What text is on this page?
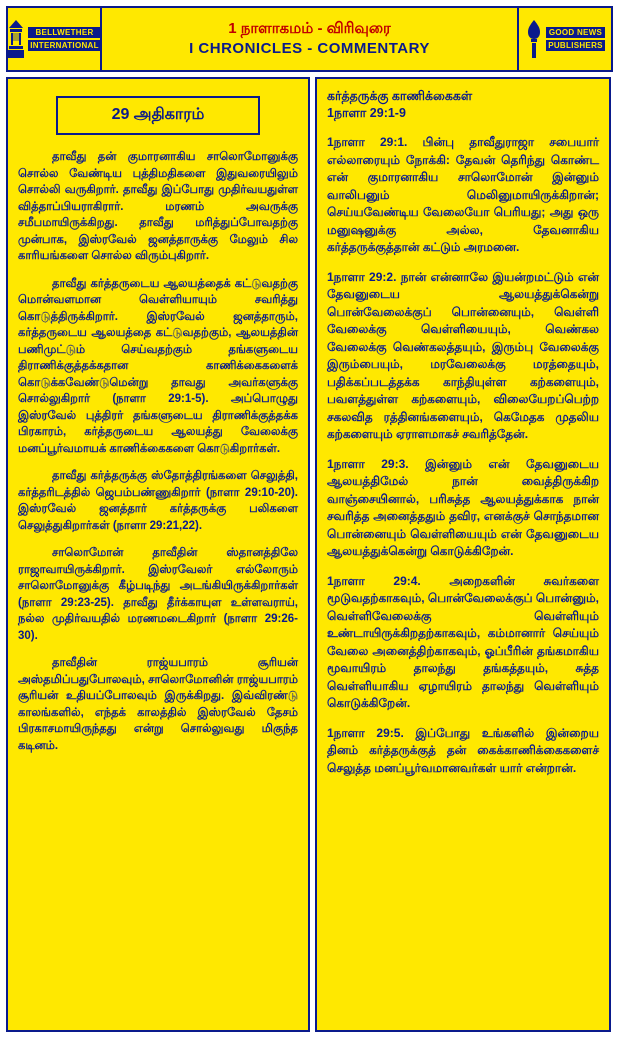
BELLWETHER
INTERNATIONAL
1 நாளாகமம் - விரிவுரை
I CHRONICLES - COMMENTARY
GOOD NEWS
PUBLISHERS
29 அதிகாரம்

தாவீது தன் குமாரனாகிய சாலொமோனுக்கு சொல்ல வேண்டிய புத்திமதிகளை இதுவரையிலும் சொல்லி வருகிறார். தாவீது இப்போது முதிர்வயதுள்ள வித்தாப்பியராகிரார். மரணம் அவருக்கு சமீபமாயிருக்கிறது. தாவீது மரித்துப்போவதற்கு முன்பாக, இஸ்ரவேல் ஜனத்தாருக்கு மேலும் சில காரியங்களை சொல்ல விரும்புகிறார்.

தாவீது கர்த்தருடைய ஆலயத்தைக் கட்டுவதற்கு மொன்வளமான வெள்ளியாயும் சவரித்து கொடுத்திருக்கிறார். இஸ்ரவேல் ஜனத்தாரும், கர்த்தருடைய ஆலயத்தை கட்டுவதற்கும், ஆலயத்தின் பணிமுட்டும் செய்வதற்கும் தங்களுடைய திராணிக்குத்தக்கதான காணிக்கைகளைக் கொடுக்கவேண்டுமென்று தாவது அவர்களுக்கு சொல்லுகிறார் (நாளா 29:1-5). அப்பொழுது இஸ்ரவேல் புத்திரர் தங்களுடைய திராணிக்குத்தக்க பிரகாரம், கர்த்தருடைய ஆலயத்து வேலைக்கு மனப்பூர்வமாயக் காணிக்கைகளை கொடுகிறார்கள்.

தாவீது கர்த்தருக்கு ஸ்தோத்திரங்களை செலுத்தி, கர்த்தரிடத்தில் ஜெபம்பண்ணுகிறார் (நாளா 29:10-20). இஸ்ரவேல் ஜனத்தார் கர்த்தருக்கு பலிகளை செலுத்துகிறார்கள் (நாளா 29:21,22).

சாலொமோன் தாவீதின் ஸ்தானத்திலே ராஜாவாயிருக்கிறார். இஸ்ரவேலர் எல்லோரும் சாலொமோனுக்கு கீழ்படிந்து அடங்கியிருக்கிறார்கள் (நாளா 29:23-25). தாவீது தீர்க்காயுள உள்ளவராய், நல்ல முதிர்வயதில் மரணமடைகிறார் (நாளா 29:26-30).

தாவீதின் ராஜ்யபாரம் சூரியன் அஸ்தமிப்பதுபோலவும், சாலொமோனின் ராஜ்யபாரம் சூரியன் உதியப்போலவும் இருக்கிறது. இவ்விரண்டு காலங்களில், எந்தக் காலத்தில் இஸ்ரவேல் தேசம் பிரகாசமாயிருந்தது என்று சொல்லுவது மிகுந்த கடினம்.

கர்த்தருக்கு காணிக்கைகள்
1நாளா 29:1-9

1நாளா 29:1. பின்பு தாவீதுராஜா சபையார் எல்லாரையும் நோக்கி: தேவன் தெரிந்து கொண்ட என் குமாரனாகிய சாலொமோன் இன்னும் வாலிபனும் மெலினுமாயிருக்கிறான்; செய்யவேண்டிய வேலையோ பெரியது; அது ஒரு மனுஷனுக்கு அல்ல, தேவனாகிய கர்த்தருக்குத்தான் கட்டும் அரமனை.

1நாளா 29:2. நான் என்னாலே இயன்றமட்டும் என் தேவனுடைய ஆலயத்துக்கென்று பொன்வேலைக்குப் பொன்னையும், வெள்ளி வேலைக்கு வெள்ளியையும், வெண்கல வேலைக்கு வெண்கலத்தயும், இரும்பு வேலைக்கு இரும்பையும், மரவேலைக்கு மரத்தையும், பதிக்கப்படத்தக்க காந்தியுள்ள கற்களையும், பவளத்துள்ள கற்களையும், விலையேறப்பெற்ற சகலவித ரத்தினங்களையும், கெமேதக முதலிய கற்களையும் ஏராளமாகச் சவரித்தேன்.

1நாளா 29:3. இன்னும் என் தேவனுடைய ஆலயத்திமேல் நான் வைத்திருக்கிற வாஞ்சையினால், பரிசுத்த ஆலயத்துக்காக நான் சவரித்த அனைத்ததும் தவிர, எனக்குச் சொந்தமான பொன்னையும் வெள்ளியையும் என் தேவனுடைய ஆலயத்துக்கென்று கொடுக்கிறேன்.

1நாளா 29:4. அறைகளின் சுவர்களை மூடுவதற்காகவும், பொன்வேலைக்குப் பொன்னும், வெள்ளிவேலைக்கு வெள்ளியும் உண்டாயிருக்கிறதற்காகவும், கம்மானார் செய்யும் வேலை அனைத்திற்காகவும், ஓப்பீரின் தங்கமாகிய மூவாயிரம் தாலந்து தங்கத்தயும், சுத்த வெள்ளியாகிய ஏழாயிரம் தாலந்து வெள்ளியும் கொடுக்கிறேன்.

1நாளா 29:5. இப்போது உங்களில் இன்றைய தினம் கர்த்தருக்குத் தன் கைக்காணிக்கைகளைச் செலுத்த மனப்பூர்வமானவர்கள் யார் என்றான்.
